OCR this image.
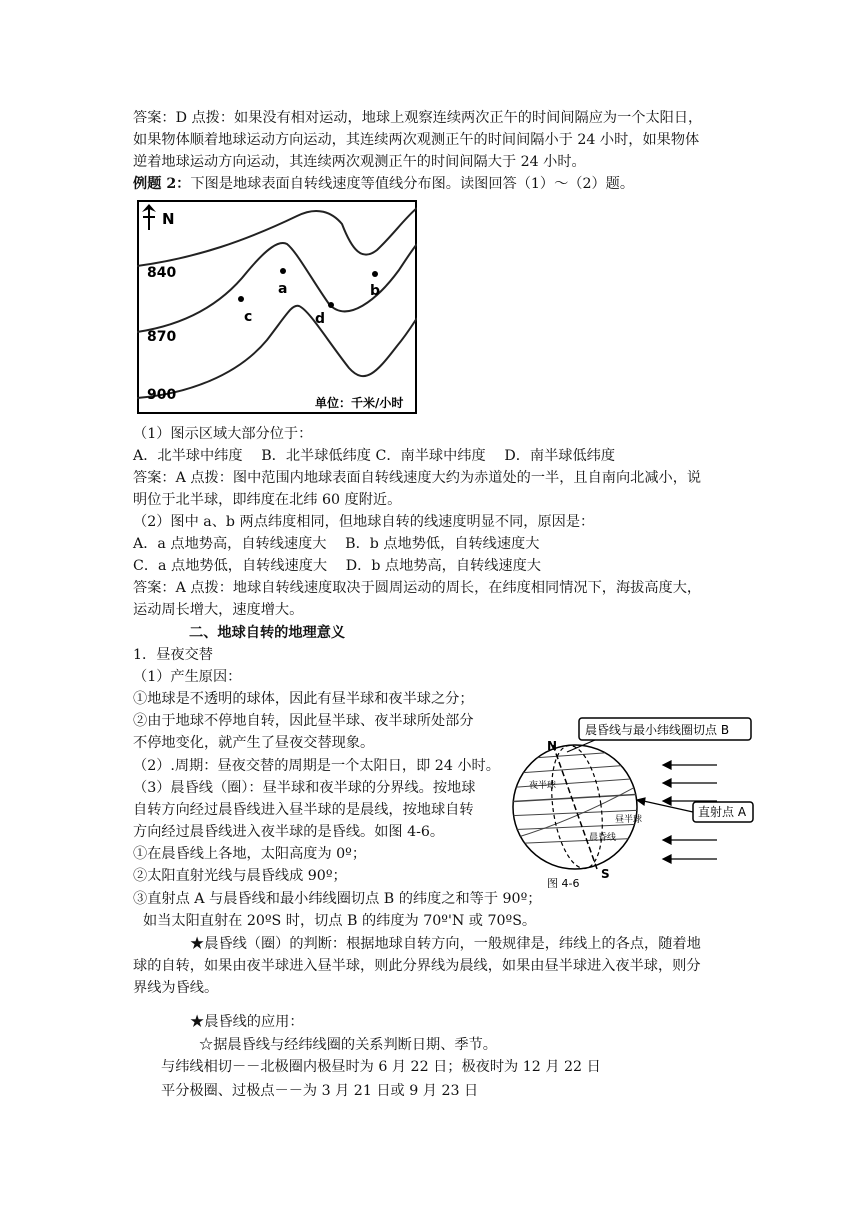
答案：D 点拨：如果没有相对运动，地球上观察连续两次正午的时间间隔应为一个太阳日，
如果物体顺着地球运动方向运动，其连续两次观测正午的时间间隔小于 24 小时，如果物体
逆着地球运动方向运动，其连续两次观测正午的时间间隔大于 24 小时。
例题 2：下图是地球表面自转线速度等值线分布图。读图回答（1）～（2）题。
N
840
870
900
a	b
c	d
单位：千米/小时
（1）图示区域大部分位于：
A．北半球中纬度　 B．北半球低纬度 C．南半球中纬度　 D．南半球低纬度
答案：A 点拨：图中范围内地球表面自转线速度大约为赤道处的一半，且自南向北减小，说
明位于北半球，即纬度在北纬 60 度附近。
（2）图中 a、b 两点纬度相同，但地球自转的线速度明显不同，原因是：
A．a 点地势高，自转线速度大　 B．b 点地势低，自转线速度大
C．a 点地势低，自转线速度大　 D．b 点地势高，自转线速度大
答案：A 点拨：地球自转线速度取决于圆周运动的周长，在纬度相同情况下，海拔高度大，
运动周长增大，速度增大。
二、地球自转的地理意义
1．昼夜交替
（1）产生原因：
①地球是不透明的球体，因此有昼半球和夜半球之分；
②由于地球不停地自转，因此昼半球、夜半球所处部分
不停地变化，就产生了昼夜交替现象。
（2）.周期：昼夜交替的周期是一个太阳日，即 24 小时。
（3）晨昏线（圈）：昼半球和夜半球的分界线。按地球
自转方向经过晨昏线进入昼半球的是晨线，按地球自转
方向经过晨昏线进入夜半球的是昏线。如图 4-6。
①在晨昏线上各地，太阳高度为 0º；
②太阳直射光线与晨昏线成 90º；
③直射点 A 与晨昏线和最小纬线圈切点 B 的纬度之和等于 90º；
如当太阳直射在 20ºS 时，切点 B 的纬度为 70º'N 或 70ºS。
晨昏线与最小纬线圈切点 B
N
S
夜半球
昼半球
晨昏线
直射点 A
图 4-6
★晨昏线（圈）的判断：根据地球自转方向，一般规律是，纬线上的各点，随着地
球的自转，如果由夜半球进入昼半球，则此分界线为晨线，如果由昼半球进入夜半球，则分
界线为昏线。
★晨昏线的应用：
☆据晨昏线与经纬线圈的关系判断日期、季节。
与纬线相切－－北极圈内极昼时为 6 月 22 日；极夜时为 12 月 22 日
平分极圈、过极点－－为 3 月 21 日或 9 月 23 日
